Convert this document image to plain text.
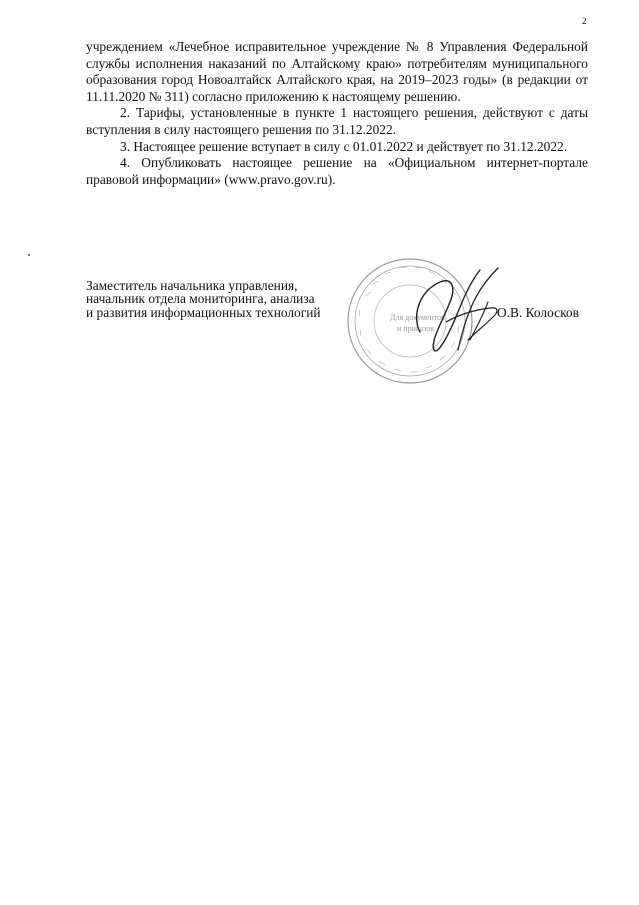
2

учреждением «Лечебное исправительное учреждение № 8 Управления Федеральной службы исполнения наказаний по Алтайскому краю» потребителям муниципального образования город Новоалтайск Алтайского края, на 2019–2023 годы» (в редакции от 11.11.2020 № 311) согласно приложению к настоящему решению.

2. Тарифы, установленные в пункте 1 настоящего решения, действуют с даты вступления в силу настоящего решения по 31.12.2022.

3. Настоящее решение вступает в силу с 01.01.2022 и действует по 31.12.2022.

4. Опубликовать настоящее решение на «Официальном интернет-портале правовой информации» (www.pravo.gov.ru).

Заместитель начальника управления,
начальник отдела мониторинга, анализа
и развития информационных технологий	Для документов
и приказов
О.В. Колосков
